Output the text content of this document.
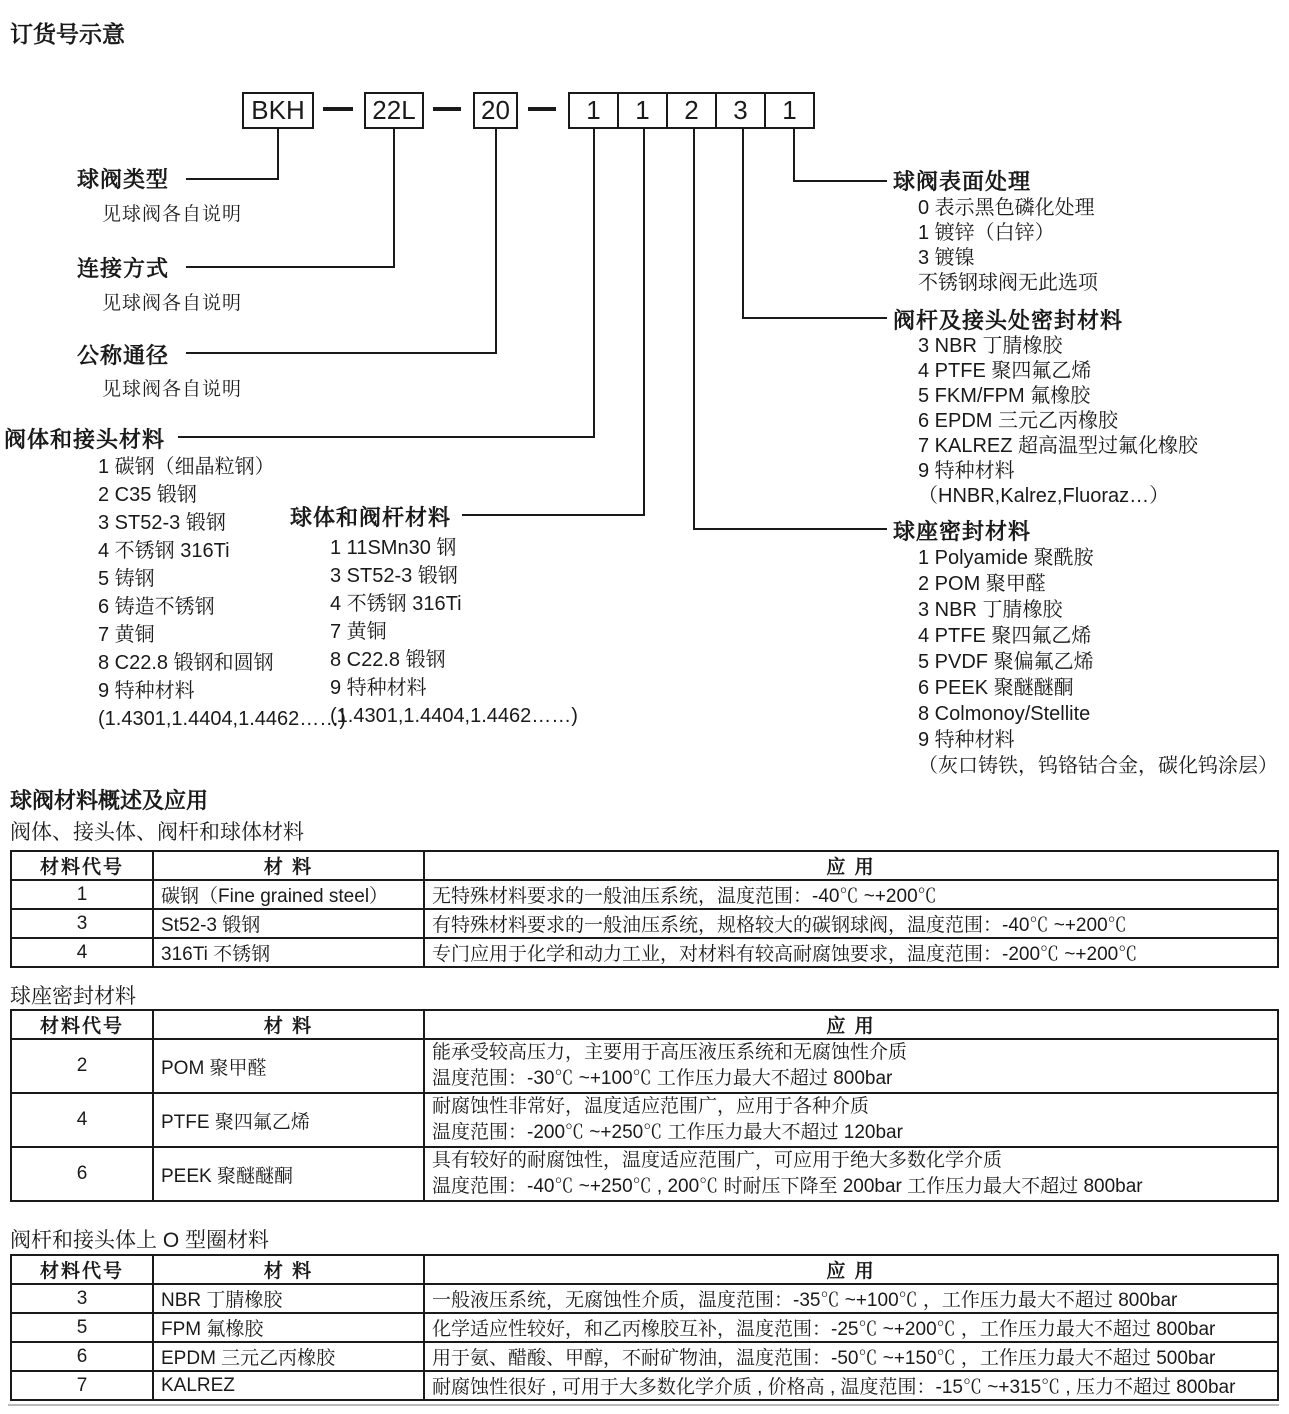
订货号示意
BKH	22L	20	1	1	2	3	1
球阀类型
见球阀各自说明
连接方式
见球阀各自说明
公称通径
见球阀各自说明
阀体和接头材料
1 碳钢（细晶粒钢）
2 C35 锻钢
3 ST52-3 锻钢
4 不锈钢 316Ti
5 铸钢
6 铸造不锈钢
7 黄铜
8 C22.8 锻钢和圆钢
9 特种材料
(1.4301,1.4404,1.4462……)
球体和阀杆材料
1 11SMn30 钢
3 ST52-3 锻钢
4 不锈钢 316Ti
7 黄铜
8 C22.8 锻钢
9 特种材料
(1.4301,1.4404,1.4462……)
球阀表面处理
0 表示黑色磷化处理
1 镀锌（白锌）
3 镀镍
不锈钢球阀无此选项
阀杆及接头处密封材料
3 NBR 丁腈橡胶
4 PTFE 聚四氟乙烯
5 FKM/FPM 氟橡胶
6 EPDM 三元乙丙橡胶
7 KALREZ 超高温型过氟化橡胶
9 特种材料
（HNBR,Kalrez,Fluoraz…）
球座密封材料
1 Polyamide 聚酰胺
2 POM 聚甲醛
3 NBR 丁腈橡胶
4 PTFE 聚四氟乙烯
5 PVDF 聚偏氟乙烯
6 PEEK 聚醚醚酮
8 Colmonoy/Stellite
9 特种材料
（灰口铸铁，钨铬钴合金，碳化钨涂层）
球阀材料概述及应用
阀体、接头体、阀杆和球体材料
材料代号	材 料	应 用
1	碳钢（Fine grained steel）	无特殊材料要求的一般油压系统，温度范围：-40℃ ~+200℃
3	St52-3 锻钢	有特殊材料要求的一般油压系统，规格较大的碳钢球阀，温度范围：-40℃ ~+200℃
4	316Ti 不锈钢	专门应用于化学和动力工业，对材料有较高耐腐蚀要求，温度范围：-200℃ ~+200℃
球座密封材料
材料代号	材 料	应 用
2	POM 聚甲醛	能承受较高压力，主要用于高压液压系统和无腐蚀性介质
温度范围：-30℃ ~+100℃ 工作压力最大不超过 800bar

4	PTFE 聚四氟乙烯	耐腐蚀性非常好，温度适应范围广，应用于各种介质
温度范围：-200℃ ~+250℃ 工作压力最大不超过 120bar

6	PEEK 聚醚醚酮	具有较好的耐腐蚀性，温度适应范围广，可应用于绝大多数化学介质
温度范围：-40℃ ~+250℃ , 200℃ 时耐压下降至 200bar 工作压力最大不超过 800bar
阀杆和接头体上 O 型圈材料
材料代号	材 料	应 用
3	NBR 丁腈橡胶	一般液压系统，无腐蚀性介质，温度范围：-35℃ ~+100℃ ，工作压力最大不超过 800bar
5	FPM 氟橡胶	化学适应性较好，和乙丙橡胶互补，温度范围：-25℃ ~+200℃ ，工作压力最大不超过 800bar
6	EPDM 三元乙丙橡胶	用于氨、醋酸、甲醇，不耐矿物油，温度范围：-50℃ ~+150℃ ，工作压力最大不超过 500bar
7	KALREZ	耐腐蚀性很好 , 可用于大多数化学介质 , 价格高 , 温度范围：-15℃ ~+315℃ , 压力不超过 800bar
